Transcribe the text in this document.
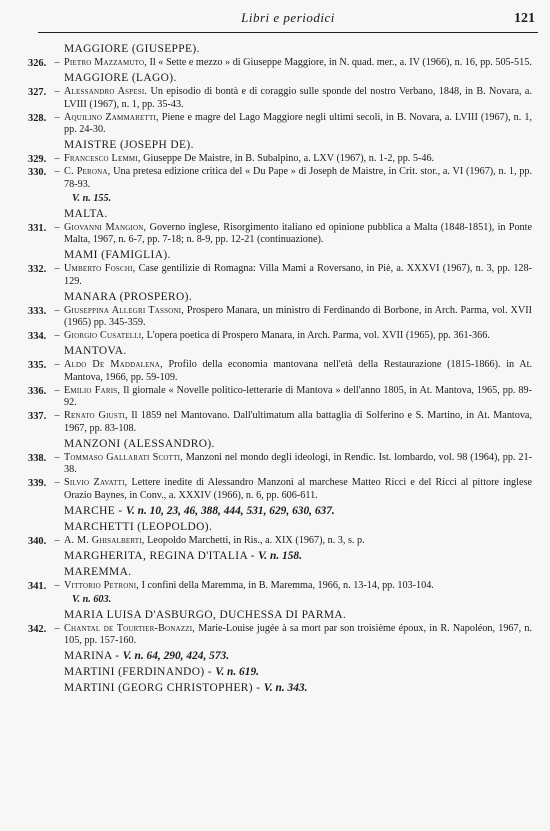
Libri e periodici	121
MAGGIORE (GIUSEPPE).
326. – Pietro Mazzamuto, Il « Sette e mezzo » di Giuseppe Maggiore, in N. quad. mer., a. IV (1966), n. 16, pp. 505-515.
MAGGIORE (LAGO).
327. – Alessandro Aspesi. Un episodio di bontà e di coraggio sulle sponde del nostro Verbano, 1848, in B. Novara, a. LVIII (1967), n. 1, pp. 35-43.
328. – Aquilino Zammaretti, Piene e magre del Lago Maggiore negli ultimi secoli, in B. Novara, a. LVIII (1967), n. 1, pp. 24-30.
MAISTRE (JOSEPH DE).
329. – Francesco Lemmi, Giuseppe De Maistre, in B. Subalpino, a. LXV (1967), n. 1-2, pp. 5-46.
330. – C. Perona, Una pretesa edizione critica del « Du Pape » di Joseph de Maistre, in Crit. stor., a. VI (1967), n. 1, pp. 78-93.
V. n. 155.
MALTA.
331. – Giovanni Mangion, Governo inglese, Risorgimento italiano ed opinione pubblica a Malta (1848-1851), in Ponte Malta, 1967, n. 6-7, pp. 7-18; n. 8-9, pp. 12-21 (continuazione).
MAMI (FAMIGLIA).
332. – Umberto Foschi, Case gentilizie di Romagna: Villa Mami a Roversano, in Piè, a. XXXVI (1967), n. 3, pp. 128-129.
MANARA (PROSPERO).
333. – Giuseppina Allegri Tassoni, Prospero Manara, un ministro di Ferdinando di Borbone, in Arch. Parma, vol. XVII (1965) pp. 345-359.
334. – Giorgio Cusatelli, L'opera poetica di Prospero Manara, in Arch. Parma, vol. XVII (1965), pp. 361-366.
MANTOVA.
335. – Aldo De Maddalena, Profilo della economia mantovana nell'età della Restaurazione (1815-1866). in At. Mantova, 1966, pp. 59-109.
336. – Emilio Faris, Il giornale « Novelle politico-letterarie di Mantova » dell'anno 1805, in At. Mantova, 1965, pp. 89-92.
337. – Renato Giusti, Il 1859 nel Mantovano. Dall'ultimatum alla battaglia di Solferino e S. Martino, in At. Mantova, 1967, pp. 83-108.
MANZONI (ALESSANDRO).
338. – Tommaso Gallarati Scotti, Manzoni nel mondo degli ideologi, in Rendic. Ist. lombardo, vol. 98 (1964), pp. 21-38.
339. – Silvio Zavatti, Lettere inedite di Alessandro Manzoni al marchese Matteo Ricci e del Ricci al pittore inglese Orazio Baynes, in Conv., a. XXXIV (1966), n. 6, pp. 606-611.
MARCHE - V. n. 10, 23, 46, 388, 444, 531, 629, 630, 637.
MARCHETTI (LEOPOLDO).
340. – A. M. Ghisalberti, Leopoldo Marchetti, in Ris., a. XIX (1967), n. 3, s. p.
MARGHERITA, REGINA D'ITALIA - V. n. 158.
MAREMMA.
341. – Vittorio Petroni, I confini della Maremma, in B. Maremma, 1966, n. 13-14, pp. 103-104.
V. n. 603.
MARIA LUISA D'ASBURGO, DUCHESSA DI PARMA.
342. – Chantal de Tourtier-Bonazzi, Marie-Louise jugée à sa mort par son troisième époux, in R. Napoléon, 1967, n. 105, pp. 157-160.
MARINA - V. n. 64, 290, 424, 573.
MARTINI (FERDINANDO) - V. n. 619.
MARTINI (GEORG CHRISTOPHER) - V. n. 343.
